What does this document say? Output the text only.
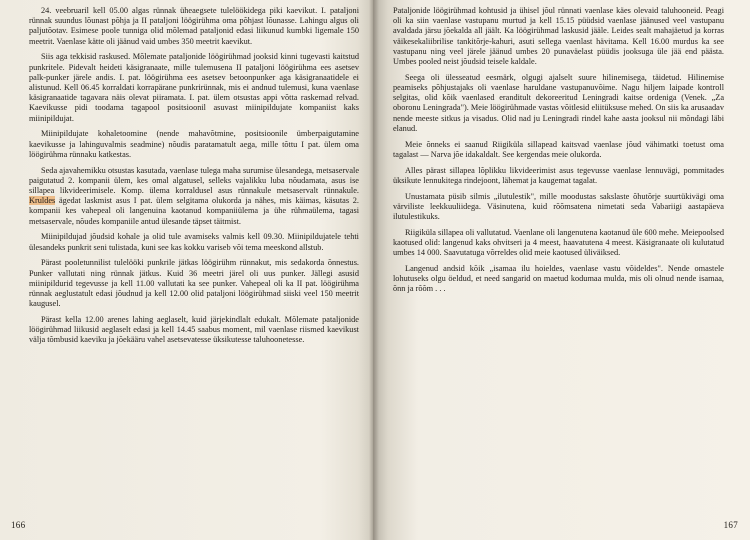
24. veebruaril kell 05.00 algas rünnak üheaegsete tulelöökidega piki kaevikut. I. pataljoni rünnak suundus lõunast põhja ja II pataljoni löögirühma oma põhjast lõunasse. Lahingu algus oli paljutõotav. Esimese poole tunniga olid mõlemad pataljonid edasi liikunud kumbki ligemale 150 meetrit. Vaenlase kätte oli jäänud vaid umbes 350 meetrit kaevikut.

Siis aga tekkisid raskused. Mõlemate pataljonide löögirühmad jooksid kinni tugevasti kaitstud punkritele. Pidevalt heideti käsigranaate, mille tulemusena II pataljoni löögirühma ees asetsev palk-punker järele andis. I. pat. löögirühma ees asetsev betoonpunker aga käsigranaatidele ei alistunud. Kell 06.45 korraldati korrapärane punkrirünnak, mis ei andnud tulemusi, kuna vaenlase käsigranaatide tagavara näis olevat piiramata. I. pat. ülem otsustas appi võtta raskemad relvad. Kaevikusse pidi toodama tagapool positsioonil asuvast miinipildujate kompaniist kaks miinipildujat.

Miinipildujate kohaletoomine (nende mahavõtmine, positsioonile ümberpaigutamine kaevikusse ja lahinguvalmis seadmine) nõudis paratamatult aega, mille tõttu I pat. ülem oma löögirühma rünnaku katkestas.

Seda ajavahemikku otsustas kasutada, vaenlase tulega maha surumise ülesandega, metsaservale paigutatud 2. kompanii ülem, kes omal algatusel, selleks vajalikku luba nõudamata, asus ise sillapea likvideerimisele. Komp. ülema korraldusel asus rünnakule metsaservalt rünnakule. Kruldes ägedat laskmist asus I pat. ülem selgitama olukorda ja nähes, mis käimas, käsutas 2. kompanii kes vahepeal oli langenuina kaotanud kompaniiülema ja ühe rühmaülema, tagasi metsaservale, nõudes kompaniile antud ülesande täpset täitmist.

Miinipildujad jõudsid kohale ja olid tule avamiseks valmis kell 09.30. Miinipildujatele tehti ülesandeks punkrit seni tulistada, kuni see kas kokku variseb või tema meeskond allstub.

Pärast pooletunnilist tulelööki punkrile jätkas löögirühm rünnakut, mis sedakorda õnnestus. Punker vallutati ning rünnak jätkus. Kuid 36 meetri järel oli uus punker. Jällegi asusid miinipildurid tegevusse ja kell 11.00 vallutati ka see punker. Vahepeal oli ka II pat. löögirühma rünnak aeglustatult edasi jõudnud ja kell 12.00 olid pataljoni löögirühmad siiski veel 150 meetrit kaugusel.

Pärast kella 12.00 arenes lahing aeglaselt, kuid järjekindlalt edukalt. Mõlemate pataljonide löögirühmad liikusid aeglaselt edasi ja kell 14.45 saabus moment, mil vaenlase riismed kaevikust välja tõmbusid kaeviku ja jõekääru vahel asetsevatesse üksikutesse taluhoonetesse.

166

Pataljonide löögirühmad kohtusid ja ühisel jõul rünnati vaenlase käes olevaid taluhooneid. Peagi oli ka siin vaenlase vastupanu murtud ja kell 15.15 püüdsid vaenlase jäänused veel vastupanu avaldada järsu jõekalda all jäält. Ka löögirühmad laskusid jääle. Leides sealt mahajäetud ja korras väikesekaliibrilise tankitõrje-kahuri, asuti sellega vaenlast hävitama. Kell 16.00 murdus ka see vastupanu ning veel järele jäänud umbes 20 punaväelast püüdis jooksuga üle jää end päästa. Umbes pooled neist jõudsid teisele kaldale.

Seega oli ülesseatud eesmärk, olgugi ajalselt suure hilinemisega, täidetud. Hilinemise peamiseks põhjustajaks oli vaenlase haruldane vastupanuvõime. Nagu hiljem laipade kontroll selgitas, olid kõik vaenlased eranditult dekoreeritud Leningradi kaitse ordeniga (Venek. „Za oboronu Leningrada"). Meie löögirühmade vastas võitlesid eliitüksuse mehed. On siis ka arusaadav nende meeste sitkus ja visadus. Olid nad ju Leningradi rindel kahe aasta jooksul nii mõndagi läbi elanud.

Meie õnneks ei saanud Riigiküla sillapead kaitsvad vaenlase jõud vähimatki toetust oma tagalast — Narva jõe idakaldalt. See kergendas meie olukorda.

Alles pärast sillapea lõplikku likvideerimist asus tegevusse vaenlase lennuvägi, pommitades üksikute lennukitega rindejoont, lähemat ja kaugemat tagalat.

Unustamata püsib silmis „ilutulestik", mille moodustas sakslaste õhutõrje suurtükivägi oma värviliste leekkuuliidega. Väsinutena, kuid rõõmsatena nimetati seda Vabariigi aastapäeva ilutulestikuks.

Riigiküla sillapea oli vallutatud. Vaenlane oli langenutena kaotanud üle 600 mehe. Meiepoolsed kaotused olid: langenud kaks ohvitseri ja 4 meest, haavatutena 4 meest. Käsigranaate oli kulutatud umbes 14 000. Saavutatuga võrreldes olid meie kaotused üliväiksed.

Langenud andsid kõik „isamaa ilu hoieldes, vaenlase vastu võideldes". Nende omastele lohutuseks olgu öeldud, et need sangarid on maetud kodumaa mulda, mis oli olnud nende isamaa, õnn ja rõõm . . .

167
